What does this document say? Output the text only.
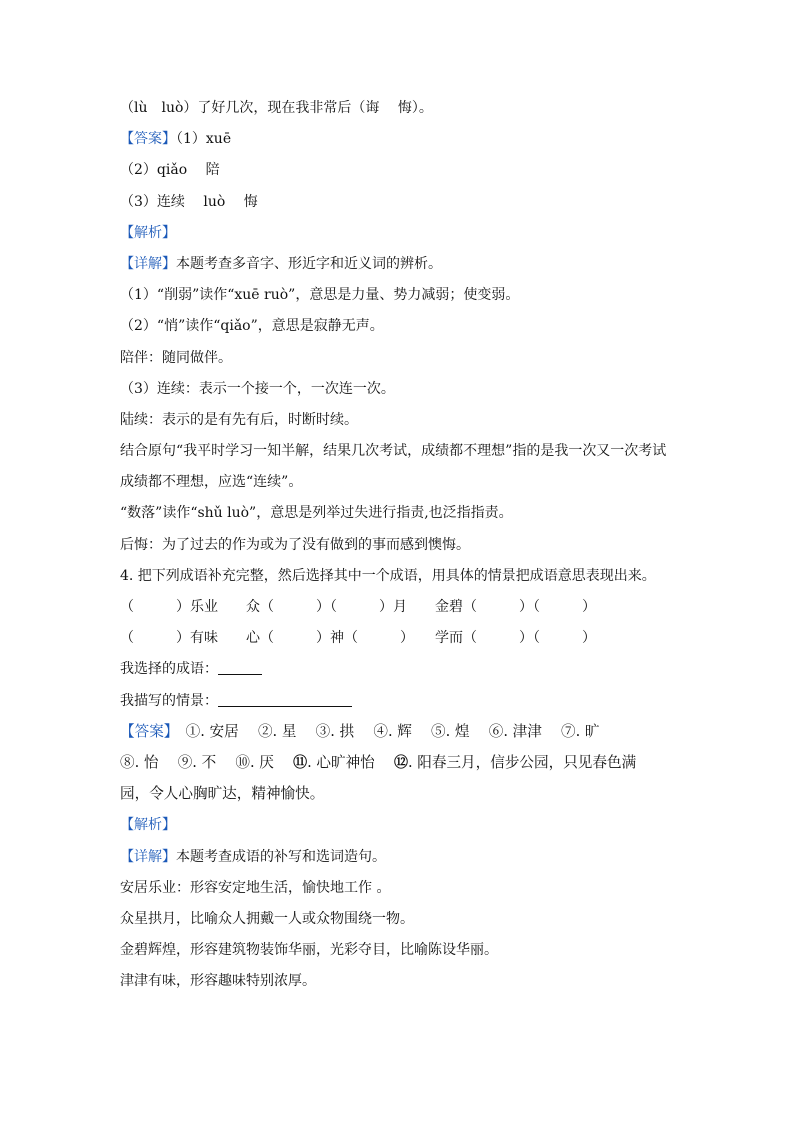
（lù　luò）了好几次，现在我非常后（诲　 悔）。
【答案】（1）xuē
（2）qiǎo　 陪
（3）连续　 luò　 悔
【解析】
【详解】本题考查多音字、形近字和近义词的辨析。
（1）“削弱”读作“xuē ruò”，意思是力量、势力减弱；使变弱。
（2）“悄”读作“qiǎo”，意思是寂静无声。
陪伴：随同做伴。
（3）连续：表示一个接一个，一次连一次。
陆续：表示的是有先有后，时断时续。
结合原句“我平时学习一知半解，结果几次考试，成绩都不理想”指的是我一次又一次考试
成绩都不理想，应选“连续”。
“数落”读作“shǔ luò”，意思是列举过失进行指责,也泛指指责。
后悔：为了过去的作为或为了没有做到的事而感到懊悔。
4. 把下列成语补充完整，然后选择其中一个成语，用具体的情景把成语意思表现出来。
（　　　）乐业　　众（　　　）（　　　）月　　金碧（　　　）（　　　）
（　　　）有味　　心（　　　）神（　　　）　　学而（　　　）（　　　）
我选择的成语：
我描写的情景：
【答案】　①. 安居　 ②. 星　 ③. 拱　 ④. 辉　 ⑤. 煌　 ⑥. 津津　 ⑦. 旷
⑧. 怡　 ⑨. 不　 ⑩. 厌　 ⑪. 心旷神怡　 ⑫. 阳春三月，信步公园，只见春色满
园，令人心胸旷达，精神愉快。
【解析】
【详解】本题考查成语的补写和选词造句。
安居乐业：形容安定地生活，愉快地工作 。
众星拱月，比喻众人拥戴一人或众物围绕一物。
金碧辉煌，形容建筑物装饰华丽，光彩夺目，比喻陈设华丽。
津津有味，形容趣味特别浓厚。
